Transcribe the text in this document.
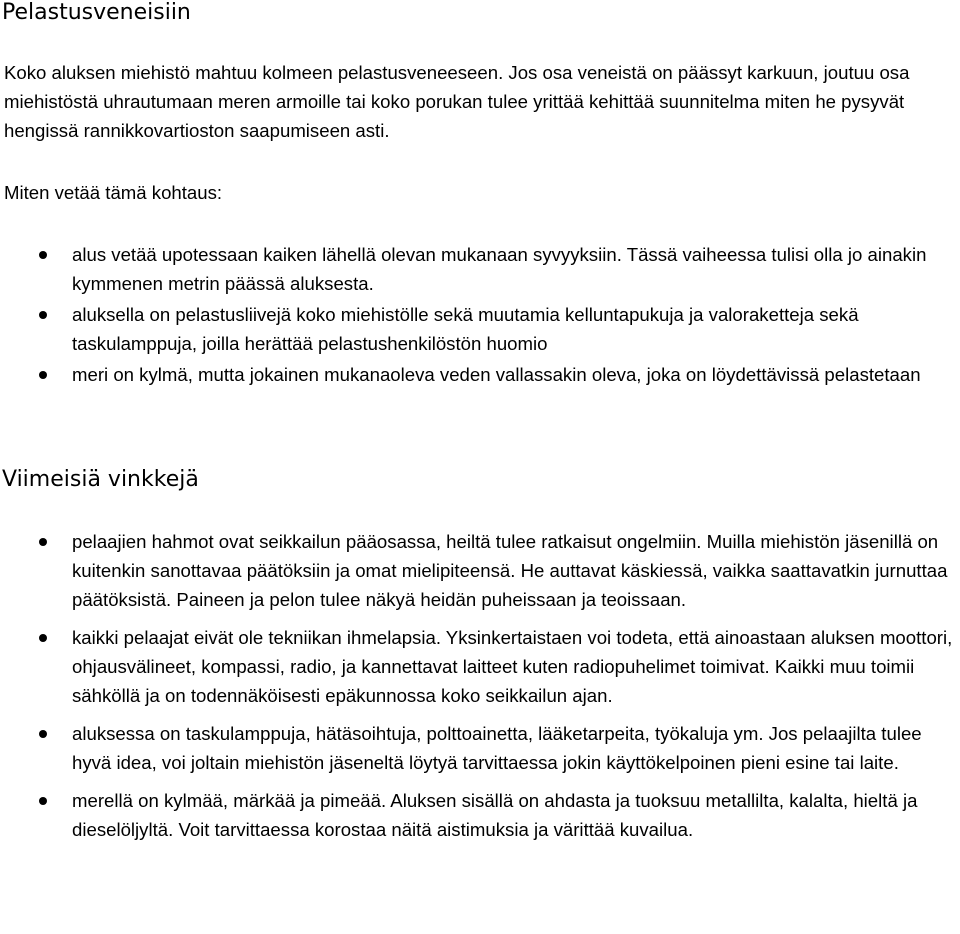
Pelastusveneisiin

Koko aluksen miehistö mahtuu kolmeen pelastusveneeseen. Jos osa veneistä on päässyt karkuun, joutuu osa miehistöstä uhrautumaan meren armoille tai koko porukan tulee yrittää kehittää suunnitelma miten he pysyvät hengissä rannikkovartioston saapumiseen asti.

Miten vetää tämä kohtaus:

alus vetää upotessaan kaiken lähellä olevan mukanaan syvyyksiin. Tässä vaiheessa tulisi olla jo ainakin kymmenen metrin päässä aluksesta.
aluksella on pelastusliivejä koko miehistölle sekä muutamia kelluntapukuja ja valoraketteja sekä taskulamppuja, joilla herättää pelastushenkilöstön huomio
meri on kylmä, mutta jokainen mukanaoleva veden vallassakin oleva, joka on löydettävissä pelastetaan
Viimeisiä vinkkejä
pelaajien hahmot ovat seikkailun pääosassa, heiltä tulee ratkaisut ongelmiin. Muilla miehistön jäsenillä on kuitenkin sanottavaa päätöksiin ja omat mielipiteensä. He auttavat käskiessä, vaikka saattavatkin jurnuttaa päätöksistä. Paineen ja pelon tulee näkyä heidän puheissaan ja teoissaan.
kaikki pelaajat eivät ole tekniikan ihmelapsia. Yksinkertaistaen voi todeta, että ainoastaan aluksen moottori, ohjausvälineet, kompassi, radio, ja kannettavat laitteet kuten radiopuhelimet toimivat. Kaikki muu toimii sähköllä ja on todennäköisesti epäkunnossa koko seikkailun ajan.
aluksessa on taskulamppuja, hätäsoihtuja, polttoainetta, lääketarpeita, työkaluja ym. Jos pelaajilta tulee hyvä idea, voi joltain miehistön jäseneltä löytyä tarvittaessa jokin käyttökelpoinen pieni esine tai laite.
merellä on kylmää, märkää ja pimeää. Aluksen sisällä on ahdasta ja tuoksuu metallilta, kalalta, hieltä ja dieselöljyltä. Voit tarvittaessa korostaa näitä aistimuksia ja värittää kuvailua.
